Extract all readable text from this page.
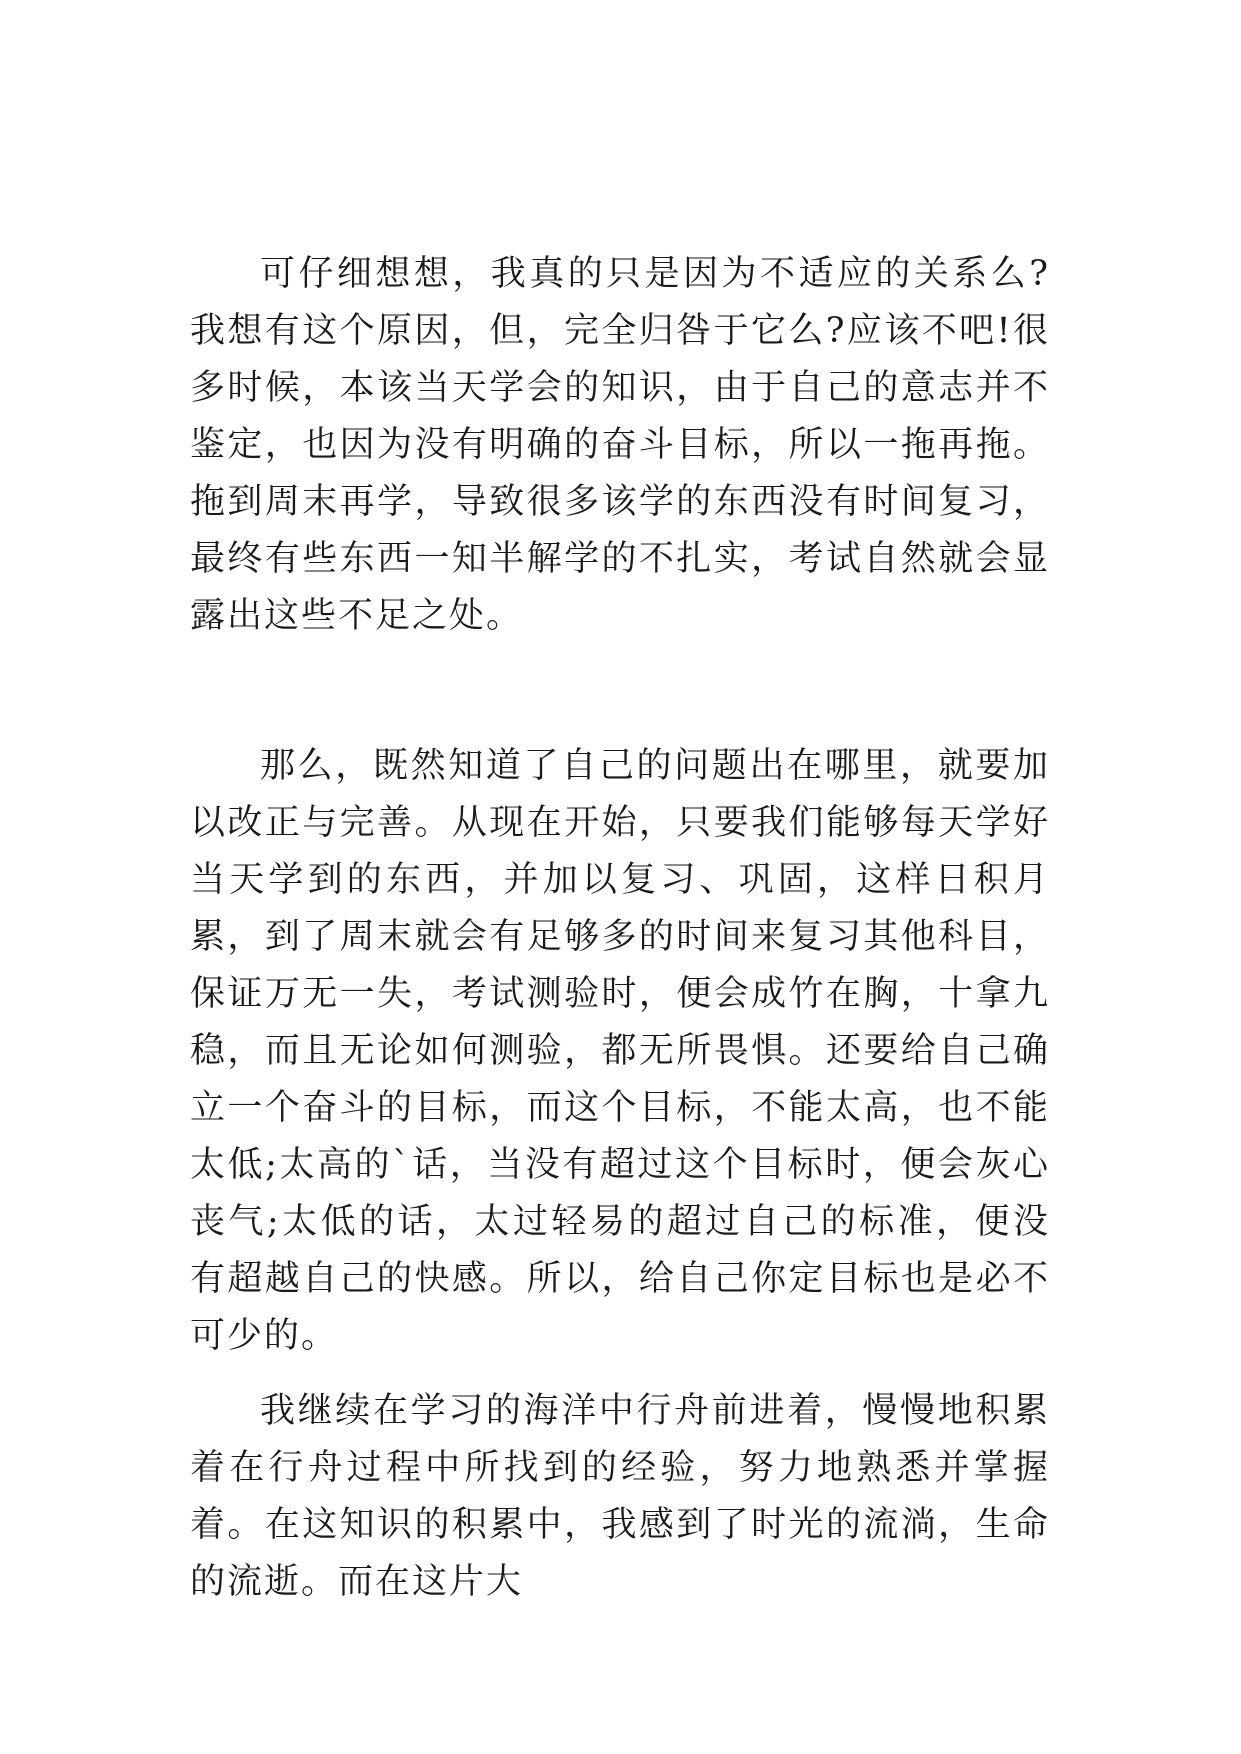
可仔细想想，我真的只是因为不适应的关系么?我想有这个原因，但，完全归咎于它么?应该不吧!很多时候，本该当天学会的知识，由于自己的意志并不鉴定，也因为没有明确的奋斗目标，所以一拖再拖。拖到周末再学，导致很多该学的东西没有时间复习，最终有些东西一知半解学的不扎实，考试自然就会显露出这些不足之处。

那么，既然知道了自己的问题出在哪里，就要加以改正与完善。从现在开始，只要我们能够每天学好当天学到的东西，并加以复习、巩固，这样日积月累，到了周末就会有足够多的时间来复习其他科目，保证万无一失，考试测验时，便会成竹在胸，十拿九稳，而且无论如何测验，都无所畏惧。还要给自己确立一个奋斗的目标，而这个目标，不能太高，也不能太低;太高的`话，当没有超过这个目标时，便会灰心丧气;太低的话，太过轻易的超过自己的标准，便没有超越自己的快感。所以，给自己你定目标也是必不可少的。

我继续在学习的海洋中行舟前进着，慢慢地积累着在行舟过程中所找到的经验，努力地熟悉并掌握着。在这知识的积累中，我感到了时光的流淌，生命的流逝。而在这片大
